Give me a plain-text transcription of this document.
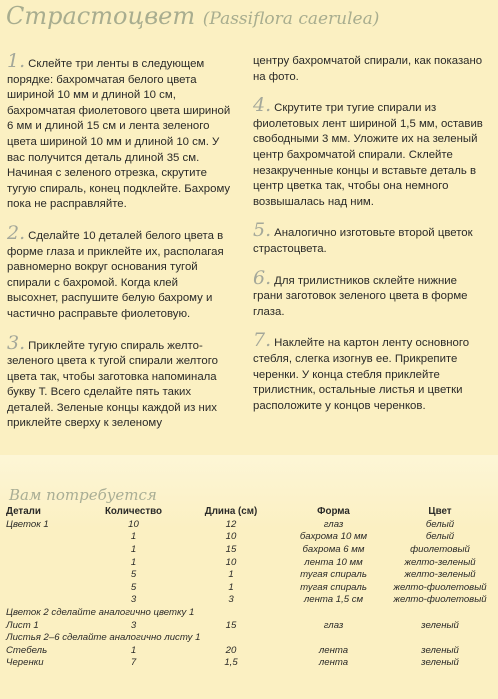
Страстоцвет (Passiflora caerulea)

1. Склейте три ленты в следующем порядке: бахромчатая белого цвета шириной 10 мм и длиной 10 см, бахромчатая фиолетового цвета шириной 6 мм и длиной 15 см и лента зеленого цвета шириной 10 мм и длиной 10 см. У вас получится деталь длиной 35 см. Начиная с зеленого отрезка, скрутите тугую спираль, конец подклейте. Бахрому пока не расправляйте.

2. Сделайте 10 деталей белого цвета в форме глаза и приклейте их, располагая равномерно вокруг основания тугой спирали с бахромой. Когда клей высохнет, распушите белую бахрому и частично расправьте фиолетовую.

3. Приклейте тугую спираль желто-зеленого цвета к тугой спирали желтого цвета так, чтобы заготовка напоминала букву Т. Всего сделайте пять таких деталей. Зеленые концы каждой из них приклейте сверху к зеленому

центру бахромчатой спирали, как показано на фото.

4. Скрутите три тугие спирали из фиолетовых лент шириной 1,5 мм, оставив свободными 3 мм. Уложите их на зеленый центр бахромчатой спирали. Склейте незакрученные концы и вставьте деталь в центр цветка так, чтобы она немного возвышалась над ним.

5. Аналогично изготовьте второй цветок страстоцвета.

6. Для трилистников склейте нижние грани заготовок зеленого цвета в форме глаза.

7. Наклейте на картон ленту основного стебля, слегка изогнув ее. Прикрепите черенки. У конца стебля приклейте трилистник, остальные листья и цветки расположите у концов черенков.

Вам потребуется
Детали	Количество	Длина (см)	Форма	Цвет
Цветок 1	10	12	глаз	белый
	1	10	бахрома 10 мм	белый
	1	15	бахрома 6 мм	фиолетовый
	1	10	лента 10 мм	желто-зеленый
	5	1	тугая спираль	желто-зеленый
	5	1	тугая спираль	желто-фиолетовый
	3	3	лента 1,5 см	желто-фиолетовый
Цветок 2 сделайте аналогично цветку 1				
Лист 1	3	15	глаз	зеленый
Листья 2–6 сделайте аналогично листу 1				
Стебель	1	20	лента	зеленый
Черенки	7	1,5	лента	зеленый
